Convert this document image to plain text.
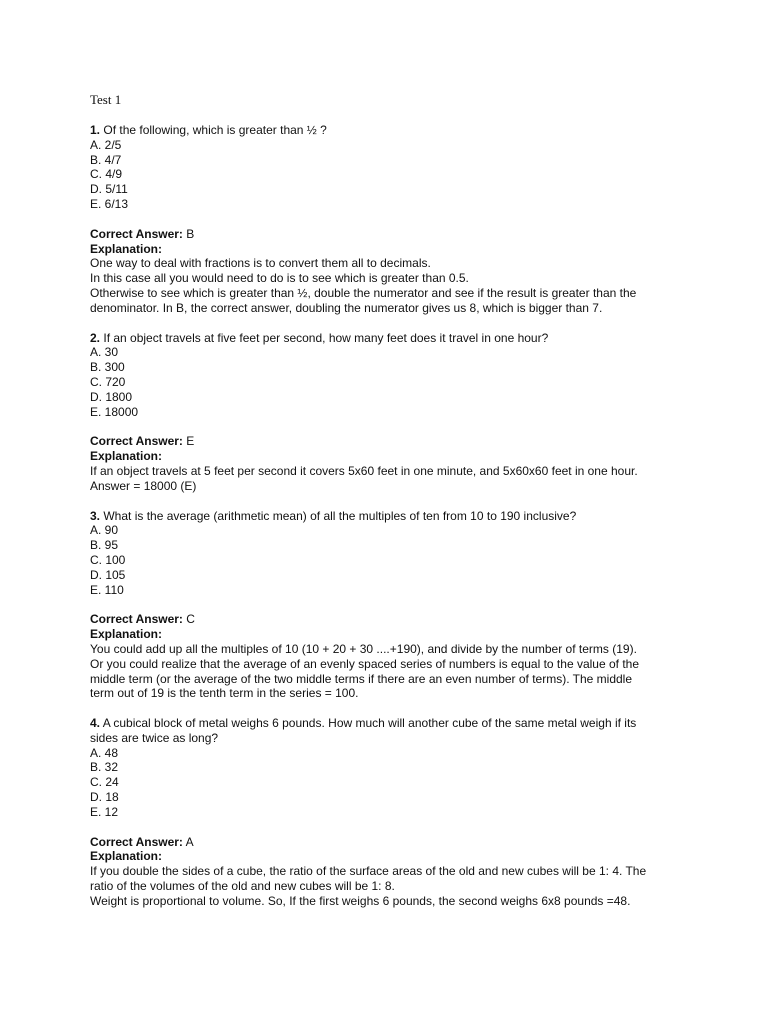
Test 1

1. Of the following, which is greater than ½ ?

A. 2/5
B. 4/7
C. 4/9
D. 5/11
E. 6/13

Correct Answer: B

Explanation:

One way to deal with fractions is to convert them all to decimals.

In this case all you would need to do is to see which is greater than 0.5.

Otherwise to see which is greater than ½, double the numerator and see if the result is greater than the

denominator. In B, the correct answer, doubling the numerator gives us 8, which is bigger than 7.

2. If an object travels at five feet per second, how many feet does it travel in one hour?

A. 30
B. 300
C. 720
D. 1800
E. 18000

Correct Answer: E

Explanation:

If an object travels at 5 feet per second it covers 5x60 feet in one minute, and 5x60x60 feet in one hour.

Answer = 18000 (E)

3. What is the average (arithmetic mean) of all the multiples of ten from 10 to 190 inclusive?

A. 90
B. 95
C. 100
D. 105
E. 110

Correct Answer: C

Explanation:

You could add up all the multiples of 10 (10 + 20 + 30 ....+190), and divide by the number of terms (19).

Or you could realize that the average of an evenly spaced series of numbers is equal to the value of the

middle term (or the average of the two middle terms if there are an even number of terms). The middle

term out of 19 is the tenth term in the series = 100.

4. A cubical block of metal weighs 6 pounds. How much will another cube of the same metal weigh if its

sides are twice as long?

A. 48
B. 32
C. 24
D. 18
E. 12

Correct Answer: A

Explanation:

If you double the sides of a cube, the ratio of the surface areas of the old and new cubes will be 1: 4. The

ratio of the volumes of the old and new cubes will be 1: 8.

Weight is proportional to volume. So, If the first weighs 6 pounds, the second weighs 6x8 pounds =48.
